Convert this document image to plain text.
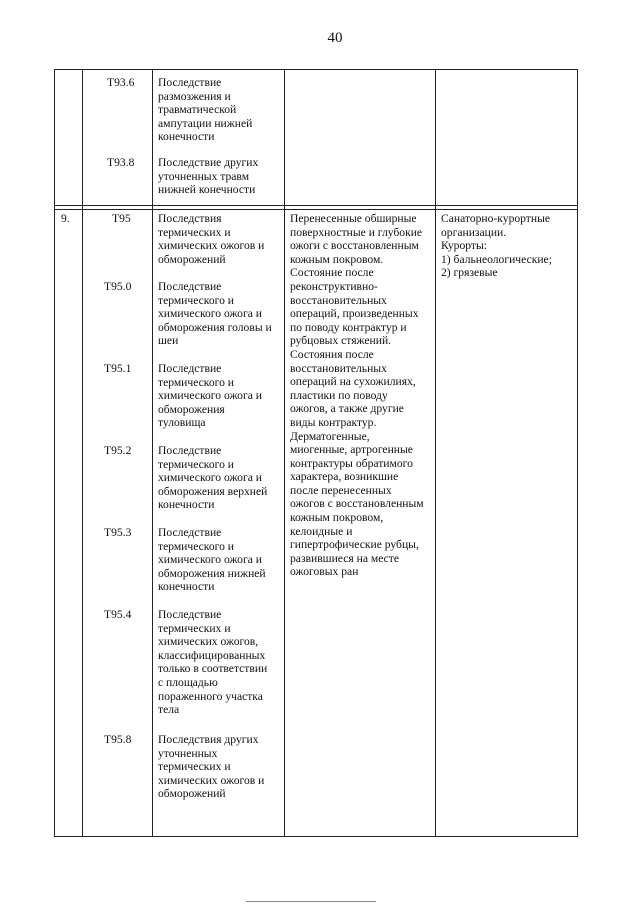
40
T93.6 Последствие
размозжения и
травматической
ампутации нижней
конечности
T93.8 Последствие других
уточненных травм
нижней конечности
9.	T95 Последствия
термических и
химических ожогов и
обморожений
T95.0 Последствие
термического и
химического ожога и
обморожения головы и
шеи
T95.1 Последствие
термического и
химического ожога и
обморожения
туловища
T95.2 Последствие
термического и
химического ожога и
обморожения верхней
конечности
T95.3 Последствие
термического и
химического ожога и
обморожения нижней
конечности
T95.4 Последствие
термических и
химических ожогов,
классифицированных
только в соответствии
с площадью
пораженного участка
тела
T95.8 Последствия других
уточненных
термических и
химических ожогов и
обморожений
Перенесенные обширные
поверхностные и глубокие
ожоги с восстановленным
кожным покровом.
Состояние после
реконструктивно-
восстановительных
операций, произведенных
по поводу контрактур и
рубцовых стяжений.
Состояния после
восстановительных
операций на сухожилиях,
пластики по поводу
ожогов, а также другие
виды контрактур.
Дерматогенные,
миогенные, артрогенные
контрактуры обратимого
характера, возникшие
после перенесенных
ожогов с восстановленным
кожным покровом,
келоидные и
гипертрофические рубцы,
развившиеся на месте
ожоговых ран
Санаторно-курортные
организации.
Курорты:
1) бальнеологические;
2) грязевые
